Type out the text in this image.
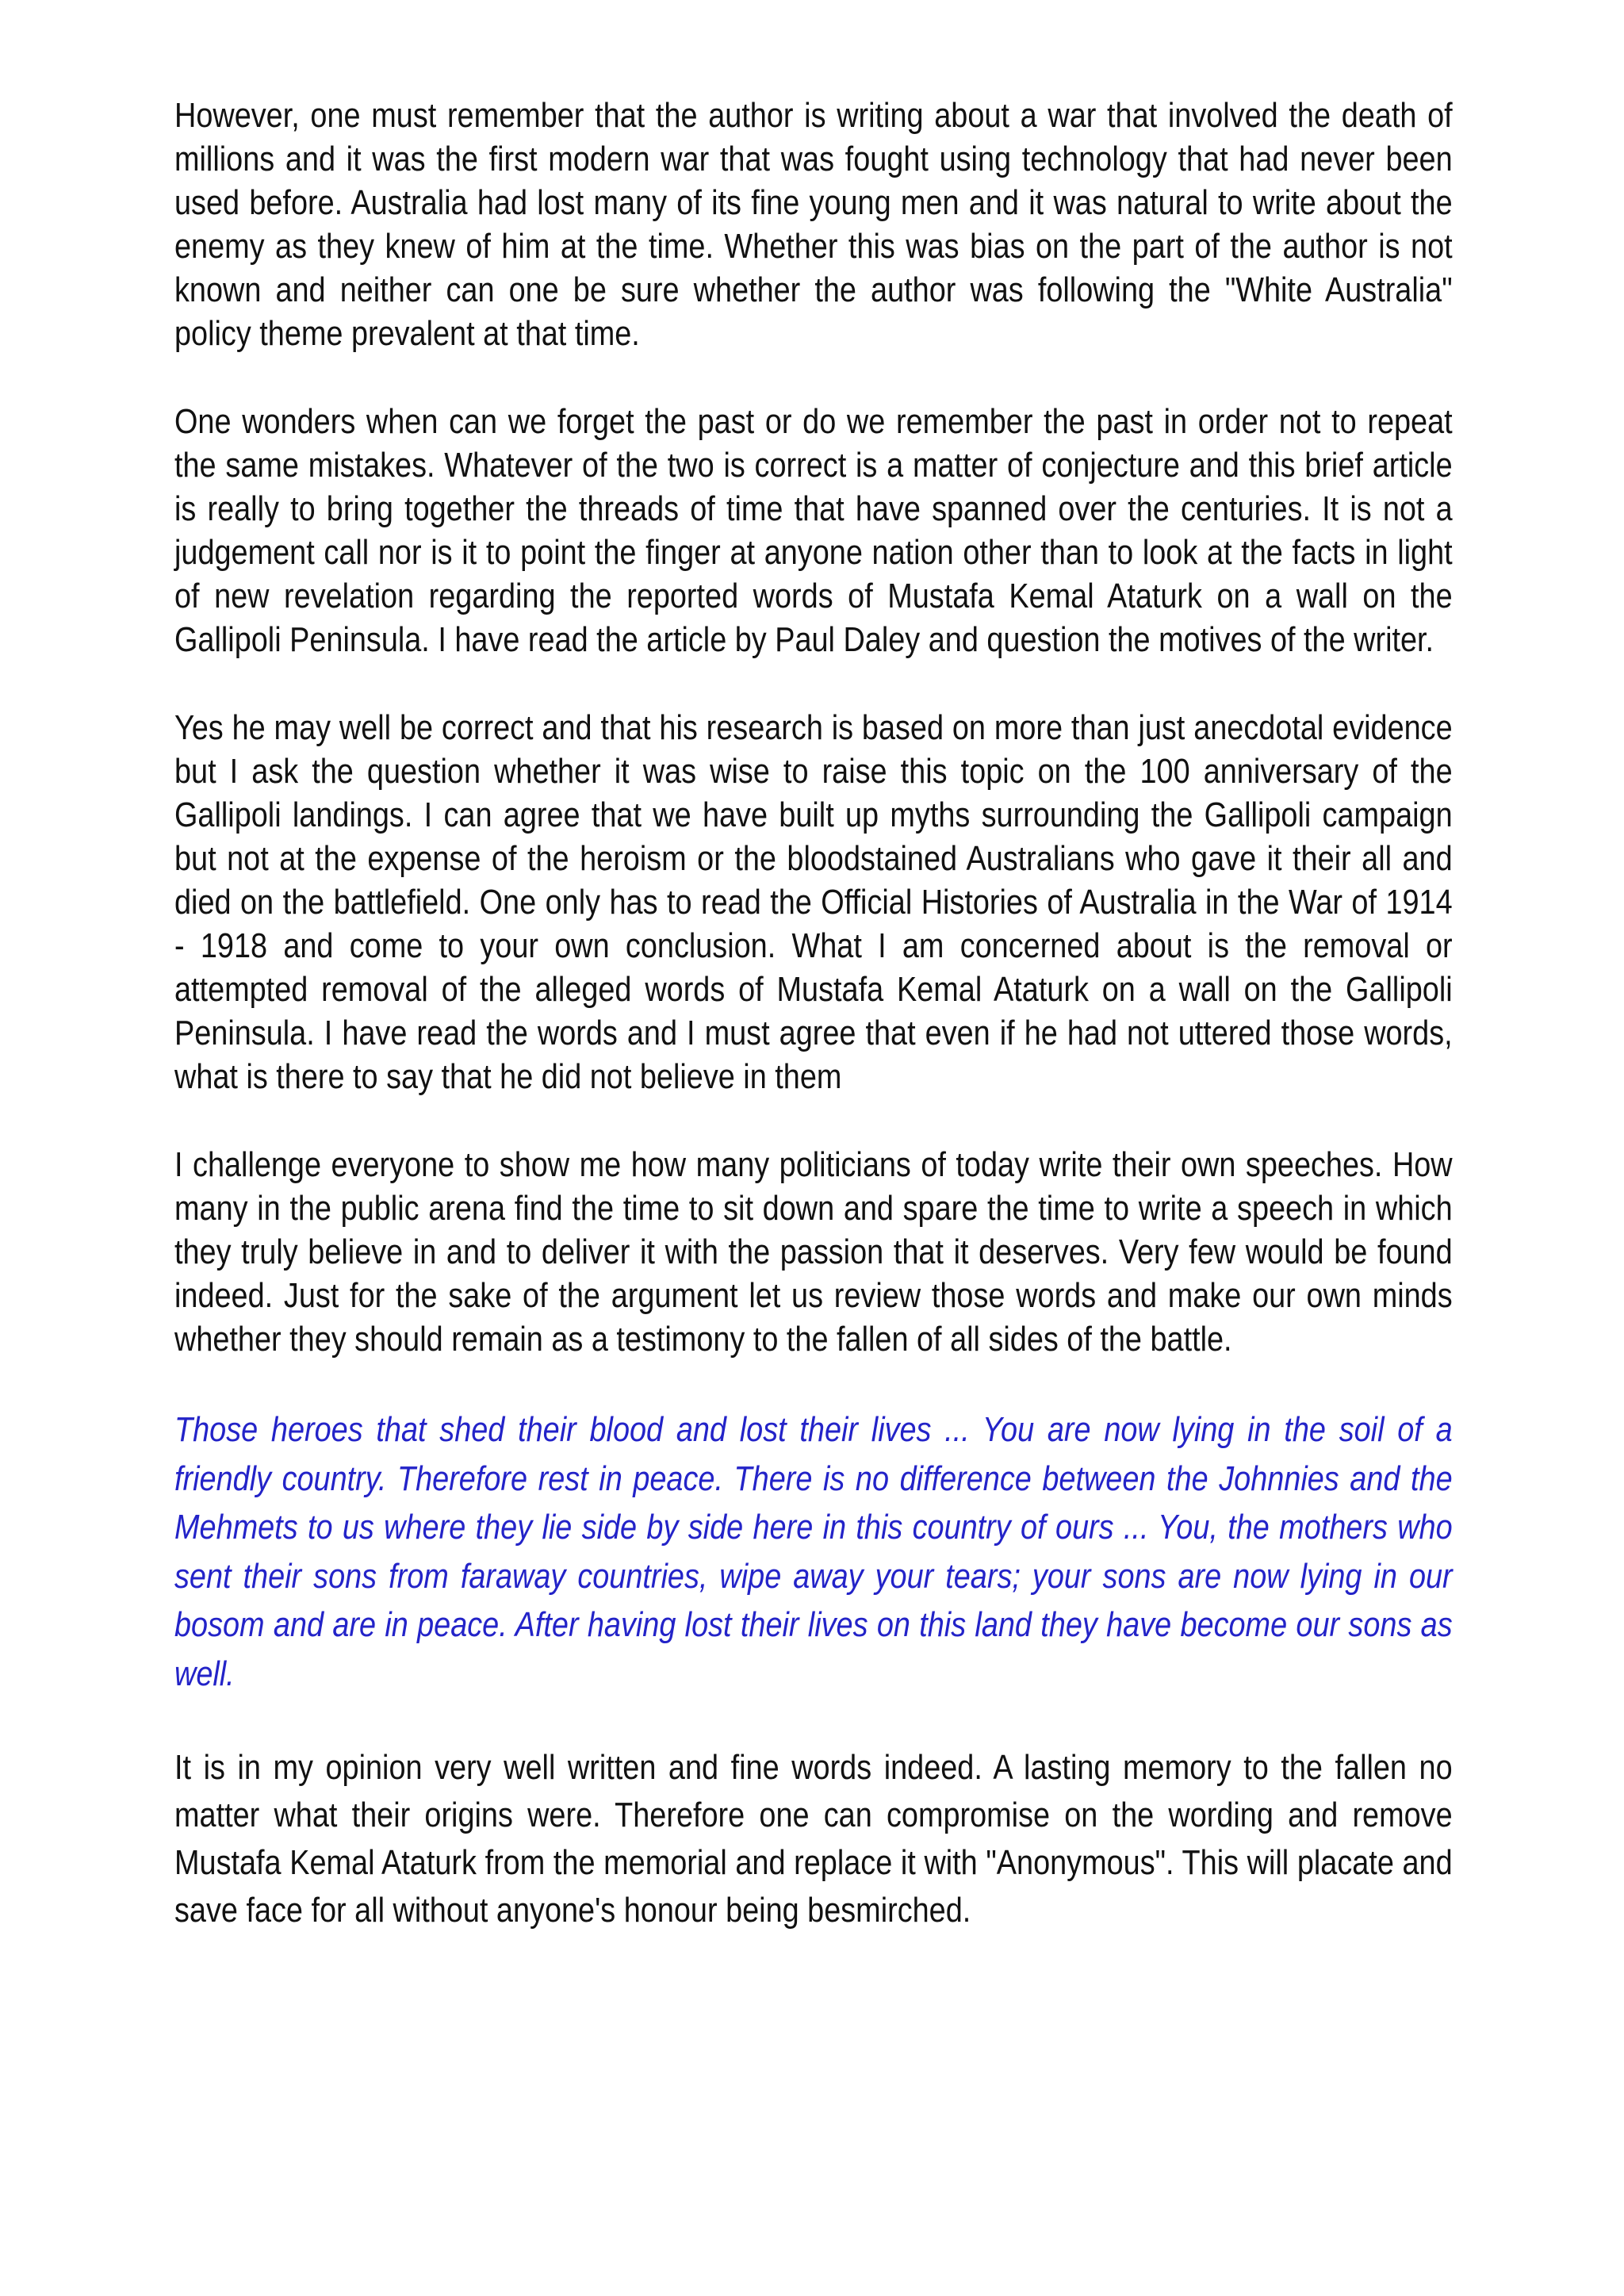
However, one must remember that the author is writing about a war that involved the death of millions and it was the first modern war that was fought using technology that had never been used before. Australia had lost many of its fine young men and it was natural to write about the enemy as they knew of him at the time. Whether this was bias on the part of the author is not known and neither can one be sure whether the author was following the "White Australia" policy theme prevalent at that time.

One wonders when can we forget the past or do we remember the past in order not to repeat the same mistakes. Whatever of the two is correct is a matter of conjecture and this brief article is really to bring together the threads of time that have spanned over the centuries. It is not a judgement call nor is it to point the finger at anyone nation other than to look at the facts in light of new revelation regarding the reported words of Mustafa Kemal Ataturk on a wall on the Gallipoli Peninsula. I have read the article by Paul Daley and question the motives of the writer.

Yes he may well be correct and that his research is based on more than just anecdotal evidence but I ask the question whether it was wise to raise this topic on the 100 anniversary of the Gallipoli landings. I can agree that we have built up myths surrounding the Gallipoli campaign but not at the expense of the heroism or the bloodstained Australians who gave it their all and died on the battlefield. One only has to read the Official Histories of Australia in the War of 1914 - 1918 and come to your own conclusion. What I am concerned about is the removal or attempted removal of the alleged words of Mustafa Kemal Ataturk on a wall on the Gallipoli Peninsula. I have read the words and I must agree that even if he had not uttered those words, what is there to say that he did not believe in them

I challenge everyone to show me how many politicians of today write their own speeches. How many in the public arena find the time to sit down and spare the time to write a speech in which they truly believe in and to deliver it with the passion that it deserves. Very few would be found indeed. Just for the sake of the argument let us review those words and make our own minds whether they should remain as a testimony to the fallen of all sides of the battle.

Those heroes that shed their blood and lost their lives ... You are now lying in the soil of a friendly country. Therefore rest in peace. There is no difference between the Johnnies and the Mehmets to us where they lie side by side here in this country of ours ... You, the mothers who sent their sons from faraway countries, wipe away your tears; your sons are now lying in our bosom and are in peace. After having lost their lives on this land they have become our sons as well.

It is in my opinion very well written and fine words indeed. A lasting memory to the fallen no matter what their origins were. Therefore one can compromise on the wording and remove Mustafa Kemal Ataturk from the memorial and replace it with "Anonymous". This will placate and save face for all without anyone's honour being besmirched.
